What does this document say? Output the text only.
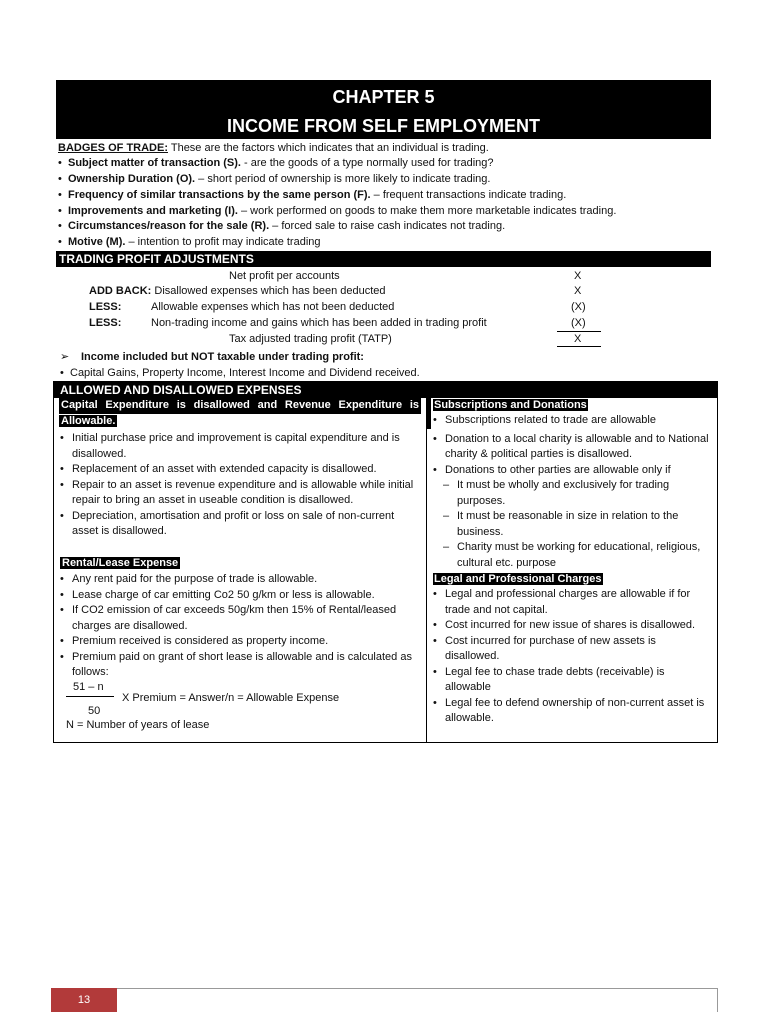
CHAPTER 5
INCOME FROM SELF EMPLOYMENT
BADGES OF TRADE: These are the factors which indicates that an individual is trading.
• Subject matter of transaction (S). - are the goods of a type normally used for trading?
• Ownership Duration (O). – short period of ownership is more likely to indicate trading.
• Frequency of similar transactions by the same person (F). – frequent transactions indicate trading.
• Improvements and marketing (I). – work performed on goods to make them more marketable indicates trading.
• Circumstances/reason for the sale (R). – forced sale to raise cash indicates not trading.
• Motive (M). – intention to profit may indicate trading
TRADING PROFIT ADJUSTMENTS
Net profit per accounts	X
ADD BACK: Disallowed expenses which has been deducted	X
LESS:	Allowable expenses which has not been deducted	(X)
LESS:	Non-trading income and gains which has been added in trading profit	(X)
Tax adjusted trading profit (TATP)	X
➢ Income included but NOT taxable under trading profit:
• Capital Gains, Property Income, Interest Income and Dividend received.
ALLOWED AND DISALLOWED EXPENSES
Capital Expenditure is disallowed and Revenue Expenditure is
Allowable.
• Initial purchase price and improvement is capital expenditure and is disallowed.
• Replacement of an asset with extended capacity is disallowed.
• Repair to an asset is revenue expenditure and is allowable while initial repair to bring an asset in useable condition is disallowed.
• Depreciation, amortisation and profit or loss on sale of non-current asset is disallowed.
Rental/Lease Expense
• Any rent paid for the purpose of trade is allowable.
• Lease charge of car emitting Co2 50 g/km or less is allowable.
• If CO2 emission of car exceeds 50g/km then 15% of Rental/leased charges are disallowed.
• Premium received is considered as property income.
• Premium paid on grant of short lease is allowable and is calculated as follows:
51 – n
X Premium = Answer/n = Allowable Expense
50
N = Number of years of lease
Subscriptions and Donations
• Subscriptions related to trade are allowable
• Donation to a local charity is allowable and to National charity & political parties is disallowed.
• Donations to other parties are allowable only if
– It must be wholly and exclusively for trading purposes.
– It must be reasonable in size in relation to the business.
– Charity must be working for educational, religious, cultural etc. purpose
Legal and Professional Charges
• Legal and professional charges are allowable if for trade and not capital.
• Cost incurred for new issue of shares is disallowed.
• Cost incurred for purchase of new assets is disallowed.
• Legal fee to chase trade debts (receivable) is allowable
• Legal fee to defend ownership of non-current asset is allowable.
13
